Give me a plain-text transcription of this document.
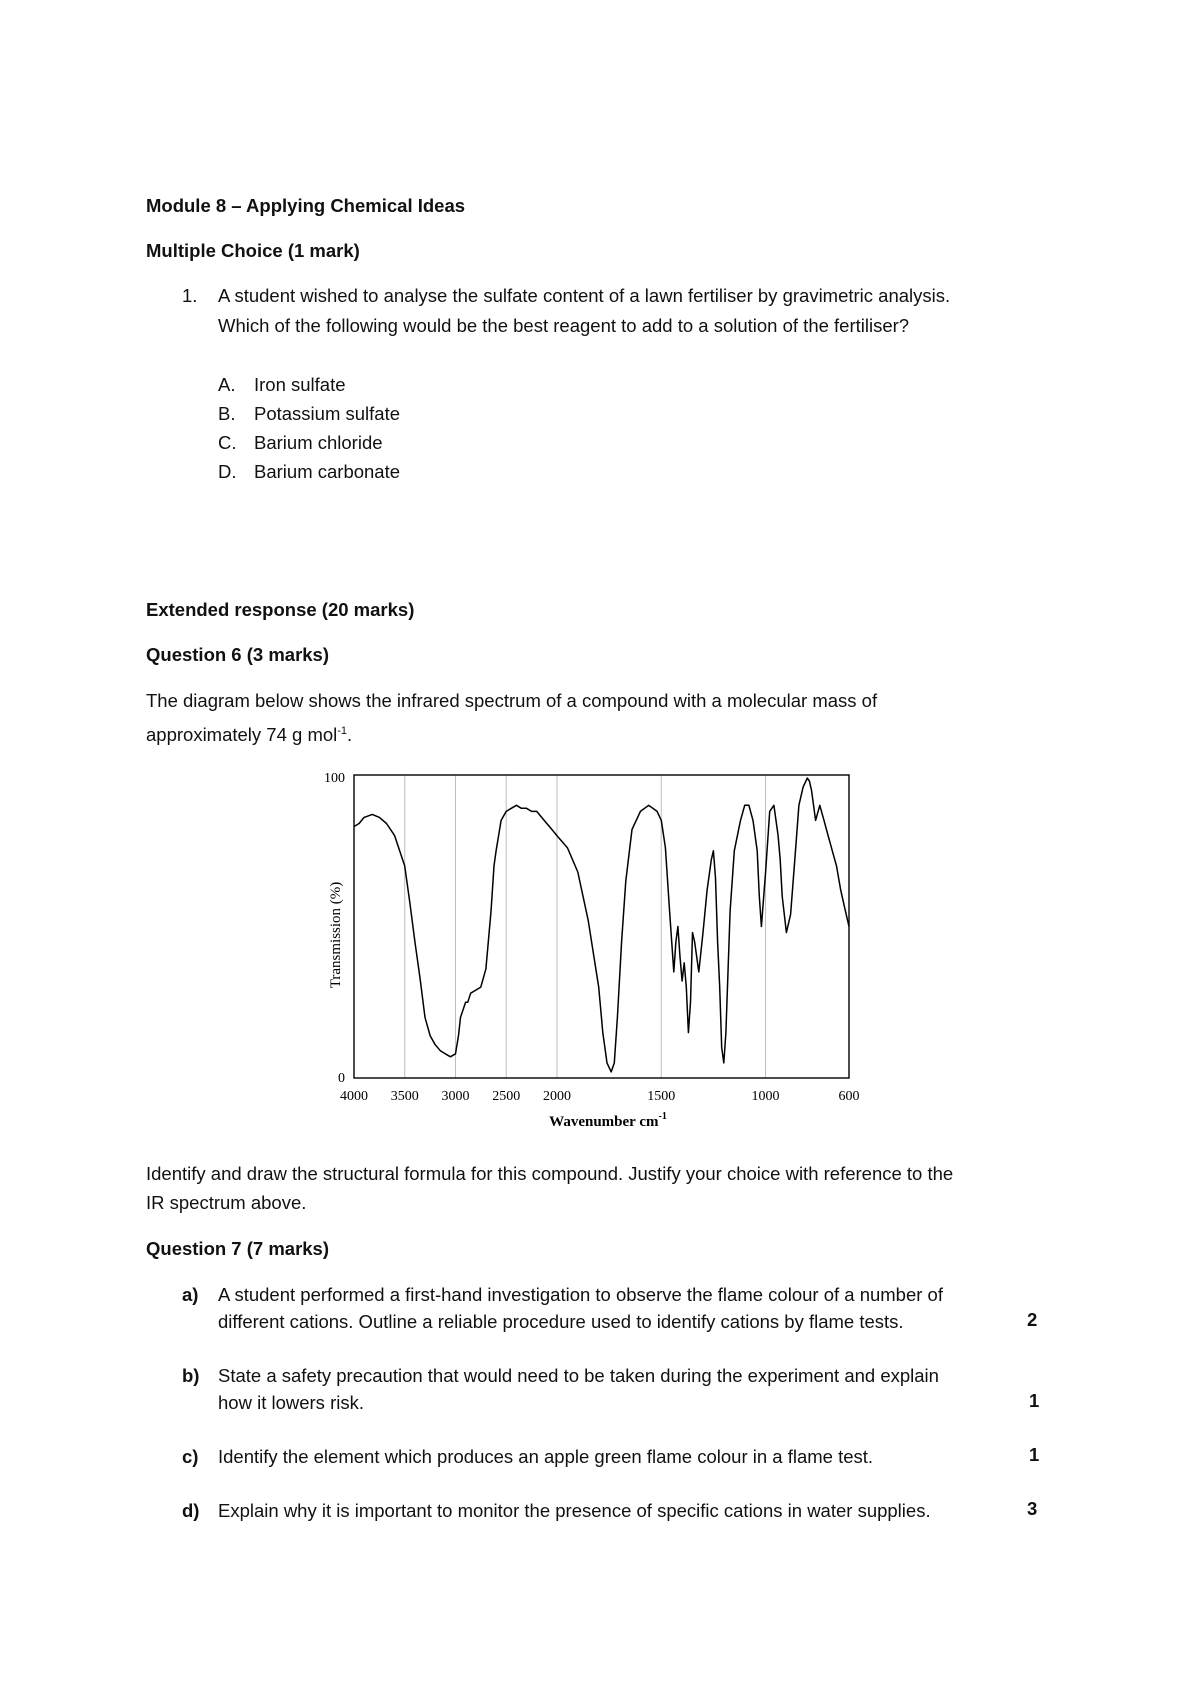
Module 8 – Applying Chemical Ideas
Multiple Choice (1 mark)
1. A student wished to analyse the sulfate content of a lawn fertiliser by gravimetric analysis.
Which of the following would be the best reagent to add to a solution of the fertiliser?
A. Iron sulfate
B. Potassium sulfate
C. Barium chloride
D. Barium carbonate
Extended response (20 marks)
Question 6 (3 marks)
The diagram below shows the infrared spectrum of a compound with a molecular mass of
approximately 74 g mol$^{-1}$.
4000 3500 3000 2500 2000	1500	1000	600
100
0
Transmission (%)
Wavenumber $cm^{-1}$
Identify and draw the structural formula for this compound. Justify your choice with reference to the
IR spectrum above.
Question 7 (7 marks)
a) A student performed a first-hand investigation to observe the flame colour of a number of
different cations. Outline a reliable procedure used to identify cations by flame tests.	2
b) State a safety precaution that would need to be taken during the experiment and explain
how it lowers risk.	1
c) Identify the element which produces an apple green flame colour in a flame test.	1
d) Explain why it is important to monitor the presence of specific cations in water supplies.	3
